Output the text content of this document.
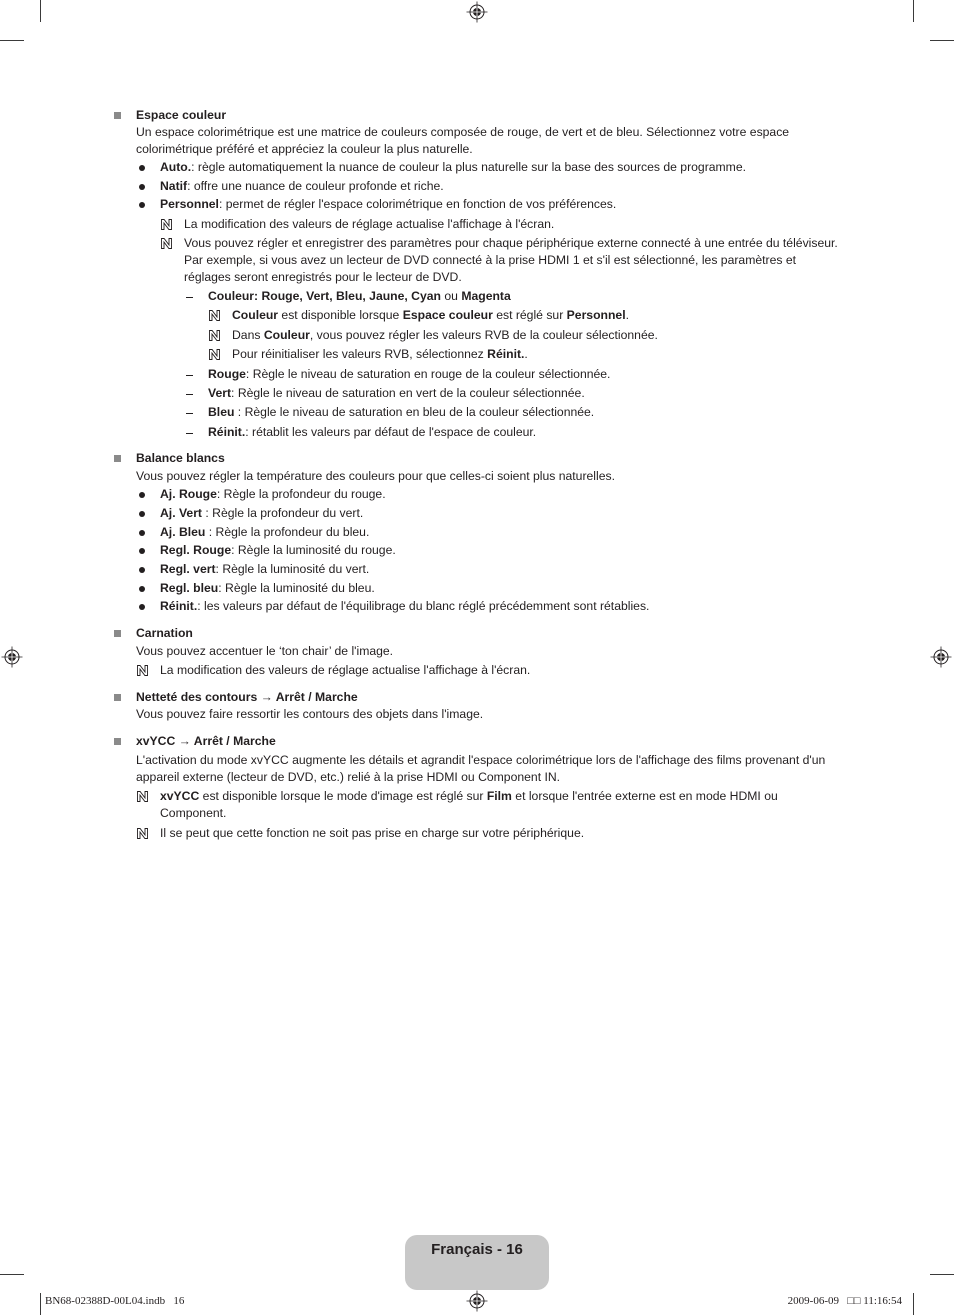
Espace couleur
Un espace colorimétrique est une matrice de couleurs composée de rouge, de vert et de bleu. Sélectionnez votre espace
colorimétrique préféré et appréciez la couleur la plus naturelle.
Auto.: règle automatiquement la nuance de couleur la plus naturelle sur la base des sources de programme.
Natif: offre une nuance de couleur profonde et riche.
Personnel: permet de régler l'espace colorimétrique en fonction de vos préférences.
La modification des valeurs de réglage actualise l'affichage à l'écran.
Vous pouvez régler et enregistrer des paramètres pour chaque périphérique externe connecté à une entrée du téléviseur.
Par exemple, si vous avez un lecteur de DVD connecté à la prise HDMI 1 et s'il est sélectionné, les paramètres et
réglages seront enregistrés pour le lecteur de DVD.
Couleur: Rouge, Vert, Bleu, Jaune, Cyan ou Magenta
Couleur est disponible lorsque Espace couleur est réglé sur Personnel.
Dans Couleur, vous pouvez régler les valeurs RVB de la couleur sélectionnée.
Pour réinitialiser les valeurs RVB, sélectionnez Réinit..
Rouge: Règle le niveau de saturation en rouge de la couleur sélectionnée.
Vert: Règle le niveau de saturation en vert de la couleur sélectionnée.
Bleu : Règle le niveau de saturation en bleu de la couleur sélectionnée.
Réinit.: rétablit les valeurs par défaut de l'espace de couleur.
Balance blancs
Vous pouvez régler la température des couleurs pour que celles-ci soient plus naturelles.
Aj. Rouge: Règle la profondeur du rouge.
Aj. Vert : Règle la profondeur du vert.
Aj. Bleu : Règle la profondeur du bleu.
Regl. Rouge: Règle la luminosité du rouge.
Regl. vert: Règle la luminosité du vert.
Regl. bleu: Règle la luminosité du bleu.
Réinit.: les valeurs par défaut de l'équilibrage du blanc réglé précédemment sont rétablies.
Carnation
Vous pouvez accentuer le ‘ton chair’ de l'image.
La modification des valeurs de réglage actualise l'affichage à l'écran.
Netteté des contours → Arrêt / Marche
Vous pouvez faire ressortir les contours des objets dans l'image.
xvYCC → Arrêt / Marche
L'activation du mode xvYCC augmente les détails et agrandit l'espace colorimétrique lors de l'affichage des films provenant d'un
appareil externe (lecteur de DVD, etc.) relié à la prise HDMI ou Component IN.
xvYCC est disponible lorsque le mode d'image est réglé sur Film et lorsque l'entrée externe est en mode HDMI ou
Component.
Il se peut que cette fonction ne soit pas prise en charge sur votre périphérique.
Français - 16
BN68-02388D-00L04.indb   16	2009-06-09   □□ 11:16:54
